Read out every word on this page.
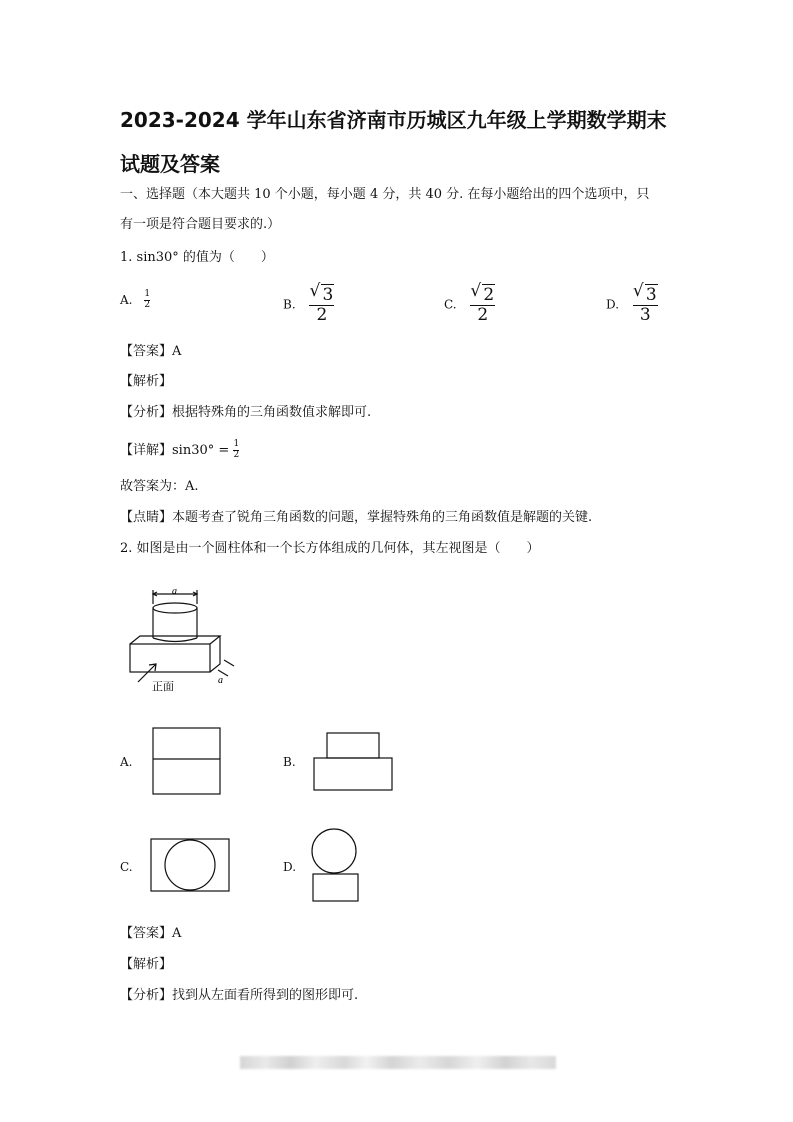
2023-2024 学年山东省济南市历城区九年级上学期数学期末
试题及答案
一、选择题（本大题共 10 个小题，每小题 4 分，共 40 分. 在每小题给出的四个选项中，只
有一项是符合题目要求的.）
1. sin30° 的值为（　　）
A. $\frac{1}{2}$	B. $\frac{√ 3}{2}$	C. $\frac{√ 2}{2}$	D. $\frac{√ 3}{3}$
【答案】A
【解析】
【分析】根据特殊角的三角函数值求解即可.
【详解】$\sin 30^\circ = \frac{1}{2}$
故答案为：A.
【点睛】本题考查了锐角三角函数的问题，掌握特殊角的三角函数值是解题的关键.
2. 如图是由一个圆柱体和一个长方体组成的几何体，其左视图是（　　）
a
a
正面
A.	B.
C.	D.
【答案】A
【解析】
【分析】找到从左面看所得到的图形即可.
